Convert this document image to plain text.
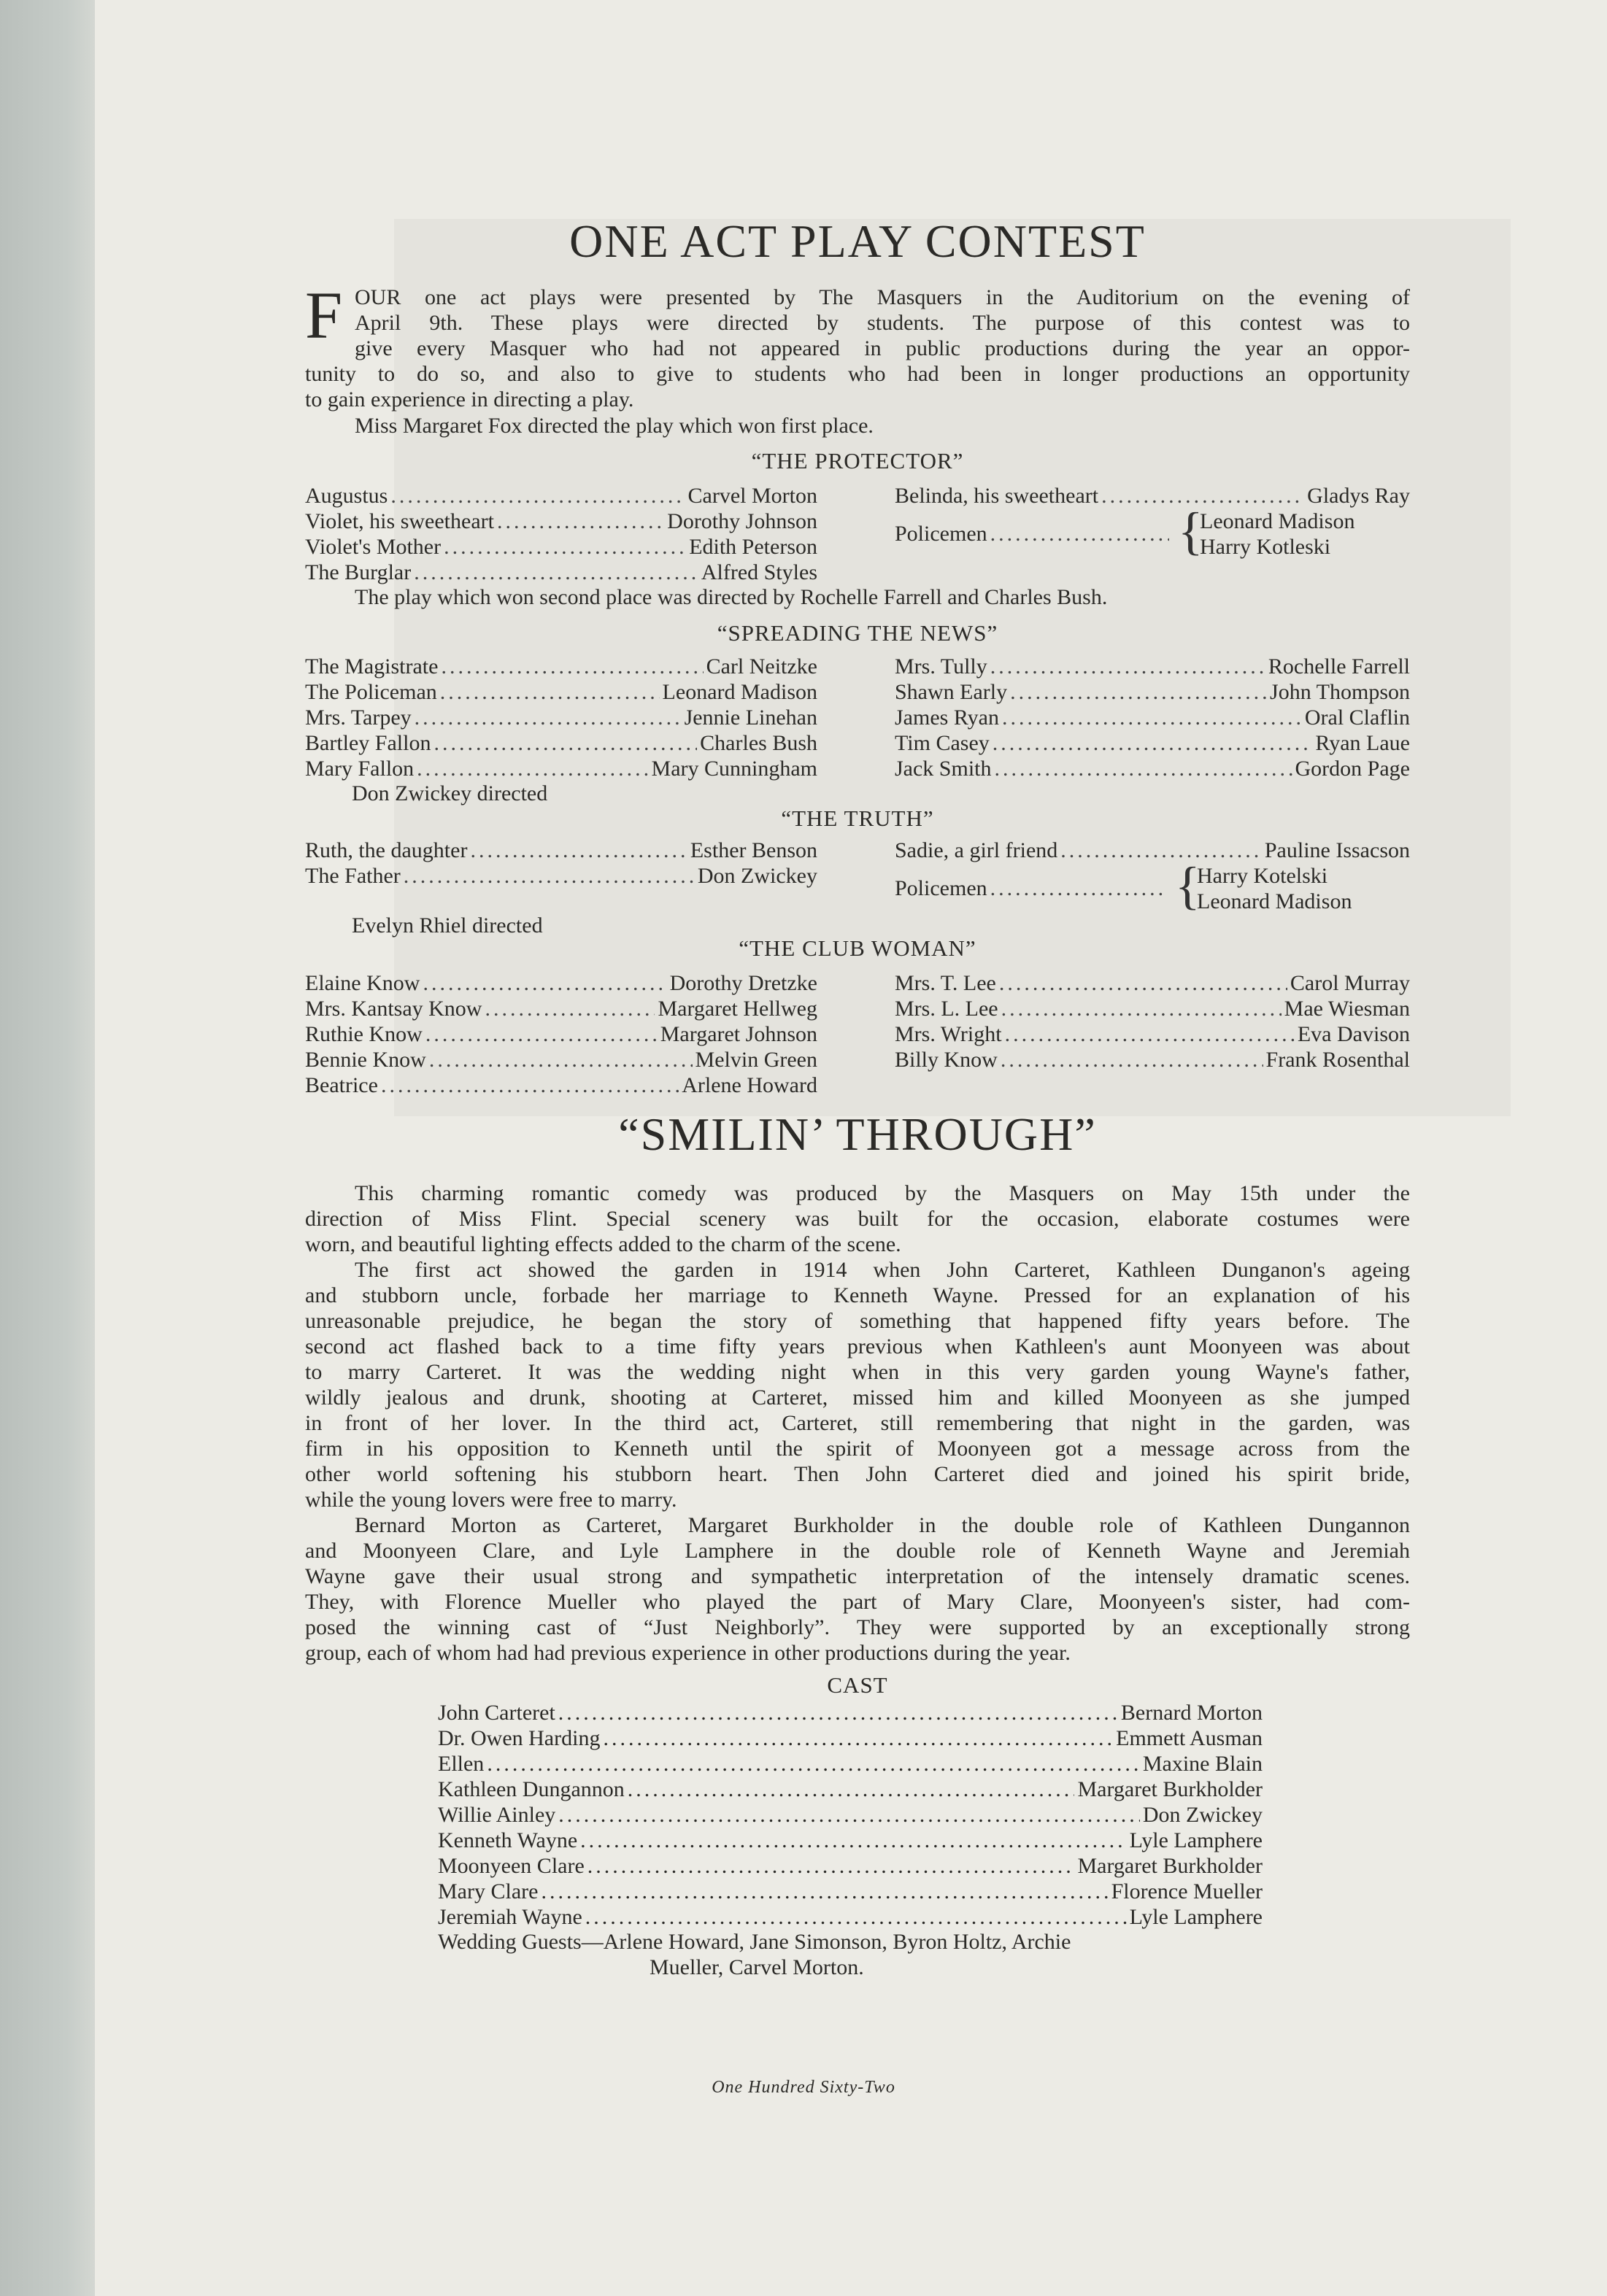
ONE ACT PLAY CONTEST
F OUR one act plays were presented by The Masquers in the Auditorium on the evening of
April 9th. These plays were directed by students. The purpose of this contest was to
give every Masquer who had not appeared in public productions during the year an oppor-
tunity to do so, and also to give to students who had been in longer productions an opportunity
to gain experience in directing a play.
Miss Margaret Fox directed the play which won first place.
“THE PROTECTOR”
Augustus .....	Carvel Morton
Violet, his sweetheart .....	Dorothy Johnson
Violet's Mother .....	Edith Peterson
The Burglar .....	Alfred Styles
Belinda, his sweetheart .....	Gladys Ray
Policemen .....	{
Leonard Madison
Harry Kotleski
The play which won second place was directed by Rochelle Farrell and Charles Bush.
“SPREADING THE NEWS”
The Magistrate .....	Carl Neitzke
The Policeman .....	Leonard Madison
Mrs. Tarpey .....	Jennie Linehan
Bartley Fallon .....	Charles Bush
Mary Fallon .....	Mary Cunningham
Mrs. Tully .....	Rochelle Farrell
Shawn Early .....	John Thompson
James Ryan .....	Oral Claflin
Tim Casey .....	Ryan Laue
Jack Smith .....	Gordon Page
Don Zwickey directed
“THE TRUTH”
Ruth, the daughter .....	Esther Benson
The Father .....	Don Zwickey
Sadie, a girl friend .....	Pauline Issacson
Policemen .....	{
Harry Kotelski
Leonard Madison
Evelyn Rhiel directed
“THE CLUB WOMAN”
Elaine Know .....	Dorothy Dretzke
Mrs. Kantsay Know .....	Margaret Hellweg
Ruthie Know .....	Margaret Johnson
Bennie Know .....	Melvin Green
Beatrice .....	Arlene Howard
Mrs. T. Lee .....	Carol Murray
Mrs. L. Lee .....	Mae Wiesman
Mrs. Wright .....	Eva Davison
Billy Know .....	Frank Rosenthal
“SMILIN’ THROUGH”
This charming romantic comedy was produced by the Masquers on May 15th under the
direction of Miss Flint. Special scenery was built for the occasion, elaborate costumes were
worn, and beautiful lighting effects added to the charm of the scene.
The first act showed the garden in 1914 when John Carteret, Kathleen Dunganon's ageing
and stubborn uncle, forbade her marriage to Kenneth Wayne. Pressed for an explanation of his
unreasonable prejudice, he began the story of something that happened fifty years before. The
second act flashed back to a time fifty years previous when Kathleen's aunt Moonyeen was about
to marry Carteret. It was the wedding night when in this very garden young Wayne's father,
wildly jealous and drunk, shooting at Carteret, missed him and killed Moonyeen as she jumped
in front of her lover. In the third act, Carteret, still remembering that night in the garden, was
firm in his opposition to Kenneth until the spirit of Moonyeen got a message across from the
other world softening his stubborn heart. Then John Carteret died and joined his spirit bride,
while the young lovers were free to marry.
Bernard Morton as Carteret, Margaret Burkholder in the double role of Kathleen Dungannon
and Moonyeen Clare, and Lyle Lamphere in the double role of Kenneth Wayne and Jeremiah
Wayne gave their usual strong and sympathetic interpretation of the intensely dramatic scenes.
They, with Florence Mueller who played the part of Mary Clare, Moonyeen's sister, had com-
posed the winning cast of “Just Neighborly”. They were supported by an exceptionally strong
group, each of whom had had previous experience in other productions during the year.
CAST
John Carteret .....	Bernard Morton
Dr. Owen Harding .....	Emmett Ausman
Ellen .....	Maxine Blain
Kathleen Dungannon .....	Margaret Burkholder
Willie Ainley .....	Don Zwickey
Kenneth Wayne .....	Lyle Lamphere
Moonyeen Clare .....	Margaret Burkholder
Mary Clare .....	Florence Mueller
Jeremiah Wayne .....	Lyle Lamphere
Wedding Guests—Arlene Howard, Jane Simonson, Byron Holtz, Archie
Mueller, Carvel Morton.
One Hundred Sixty-Two
